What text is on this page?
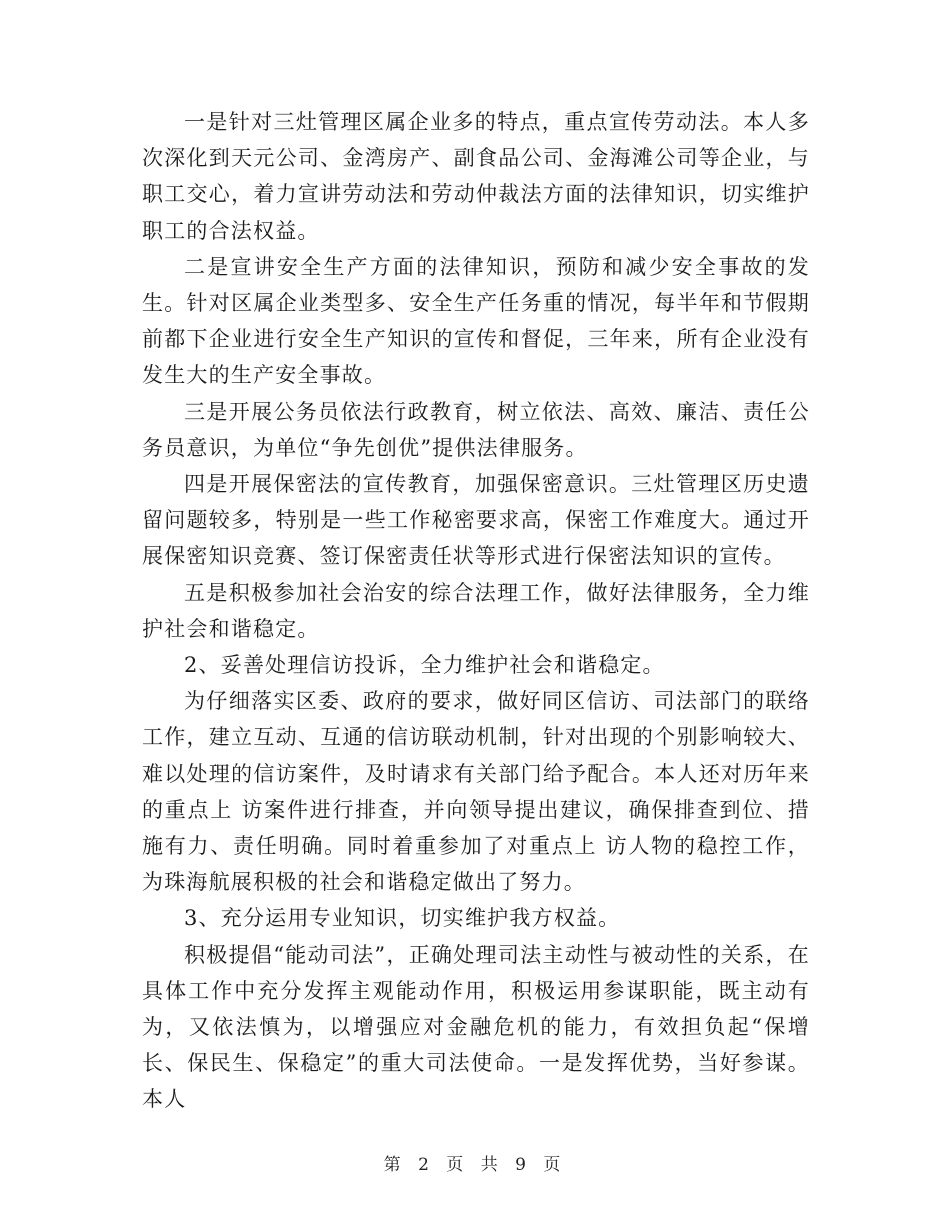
一是针对三灶管理区属企业多的特点，重点宣传劳动法。本人多次深化到天元公司、金湾房产、副食品公司、金海滩公司等企业，与职工交心，着力宣讲劳动法和劳动仲裁法方面的法律知识，切实维护职工的合法权益。

二是宣讲安全生产方面的法律知识，预防和减少安全事故的发生。针对区属企业类型多、安全生产任务重的情况，每半年和节假期前都下企业进行安全生产知识的宣传和督促，三年来，所有企业没有发生大的生产安全事故。

三是开展公务员依法行政教育，树立依法、高效、廉洁、责任公务员意识，为单位“争先创优”提供法律服务。

四是开展保密法的宣传教育，加强保密意识。三灶管理区历史遗留问题较多，特别是一些工作秘密要求高，保密工作难度大。通过开展保密知识竞赛、签订保密责任状等形式进行保密法知识的宣传。

五是积极参加社会治安的综合法理工作，做好法律服务，全力维护社会和谐稳定。

2、妥善处理信访投诉，全力维护社会和谐稳定。

为仔细落实区委、政府的要求，做好同区信访、司法部门的联络工作，建立互动、互通的信访联动机制，针对出现的个别影响较大、难以处理的信访案件，及时请求有关部门给予配合。本人还对历年来的重点上 访案件进行排查，并向领导提出建议，确保排查到位、措施有力、责任明确。同时着重参加了对重点上 访人物的稳控工作，为珠海航展积极的社会和谐稳定做出了努力。

3、充分运用专业知识，切实维护我方权益。

积极提倡“能动司法”，正确处理司法主动性与被动性的关系，在具体工作中充分发挥主观能动作用，积极运用参谋职能，既主动有为，又依法慎为，以增强应对金融危机的能力，有效担负起“保增长、保民生、保稳定”的重大司法使命。一是发挥优势，当好参谋。本人

第 2 页 共 9 页
